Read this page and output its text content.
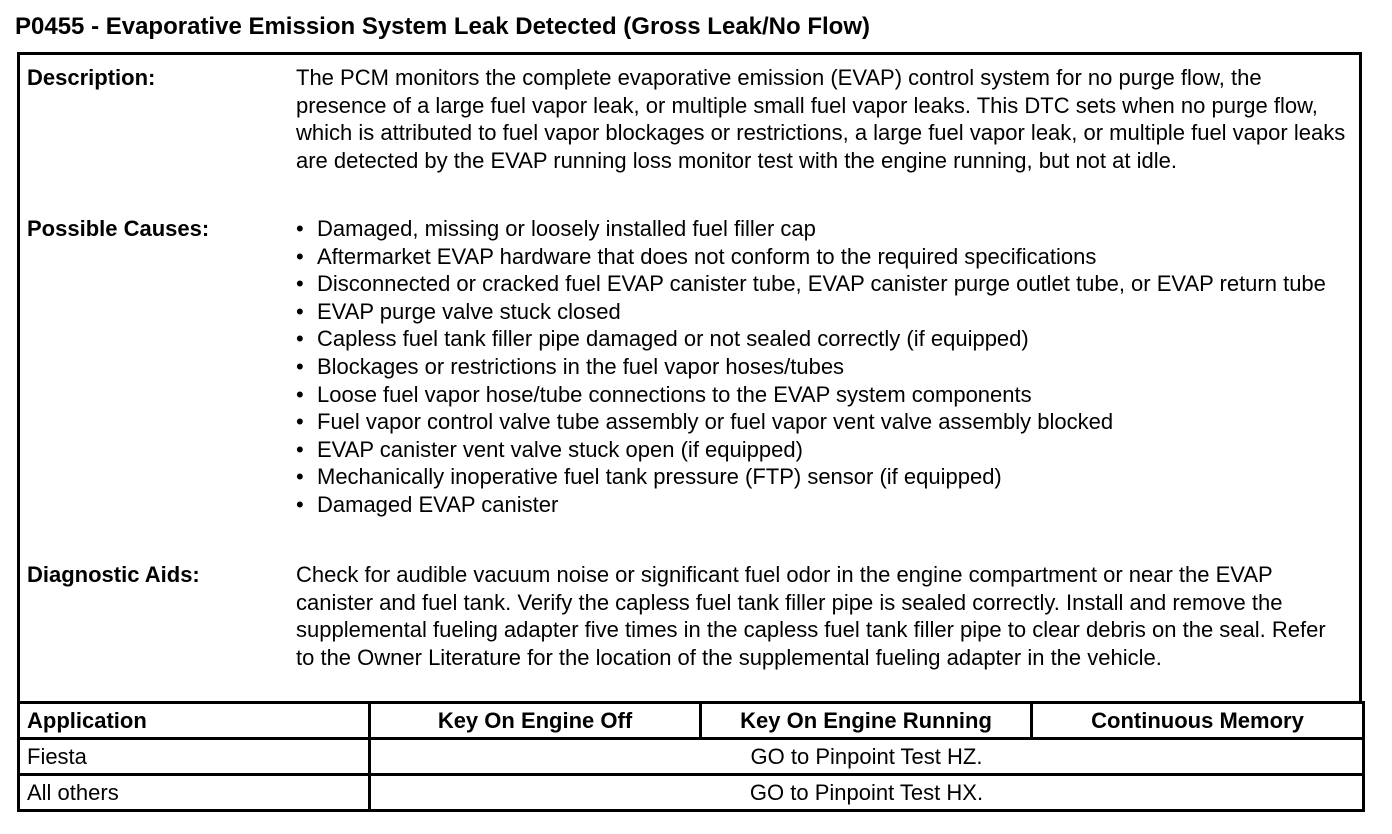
P0455 - Evaporative Emission System Leak Detected (Gross Leak/No Flow)
Description:	The PCM monitors the complete evaporative emission (EVAP) control system for no purge flow, the presence of a large fuel vapor leak, or multiple small fuel vapor leaks. This DTC sets when no purge flow, which is attributed to fuel vapor blockages or restrictions, a large fuel vapor leak, or multiple fuel vapor leaks are detected by the EVAP running loss monitor test with the engine running, but not at idle.

Possible Causes:	• Damaged, missing or loosely installed fuel filler cap
• Aftermarket EVAP hardware that does not conform to the required specifications
• Disconnected or cracked fuel EVAP canister tube, EVAP canister purge outlet tube, or EVAP return tube
• EVAP purge valve stuck closed
• Capless fuel tank filler pipe damaged or not sealed correctly (if equipped)
• Blockages or restrictions in the fuel vapor hoses/tubes
• Loose fuel vapor hose/tube connections to the EVAP system components
• Fuel vapor control valve tube assembly or fuel vapor vent valve assembly blocked
• EVAP canister vent valve stuck open (if equipped)
• Mechanically inoperative fuel tank pressure (FTP) sensor (if equipped)
• Damaged EVAP canister
Diagnostic Aids:	Check for audible vacuum noise or significant fuel odor in the engine compartment or near the EVAP canister and fuel tank. Verify the capless fuel tank filler pipe is sealed correctly. Install and remove the supplemental fueling adapter five times in the capless fuel tank filler pipe to clear debris on the seal. Refer to the Owner Literature for the location of the supplemental fueling adapter in the vehicle.

Application	Key On Engine Off	Key On Engine Running	Continuous Memory
Fiesta	GO to Pinpoint Test HZ.		
All others	GO to Pinpoint Test HX.		
